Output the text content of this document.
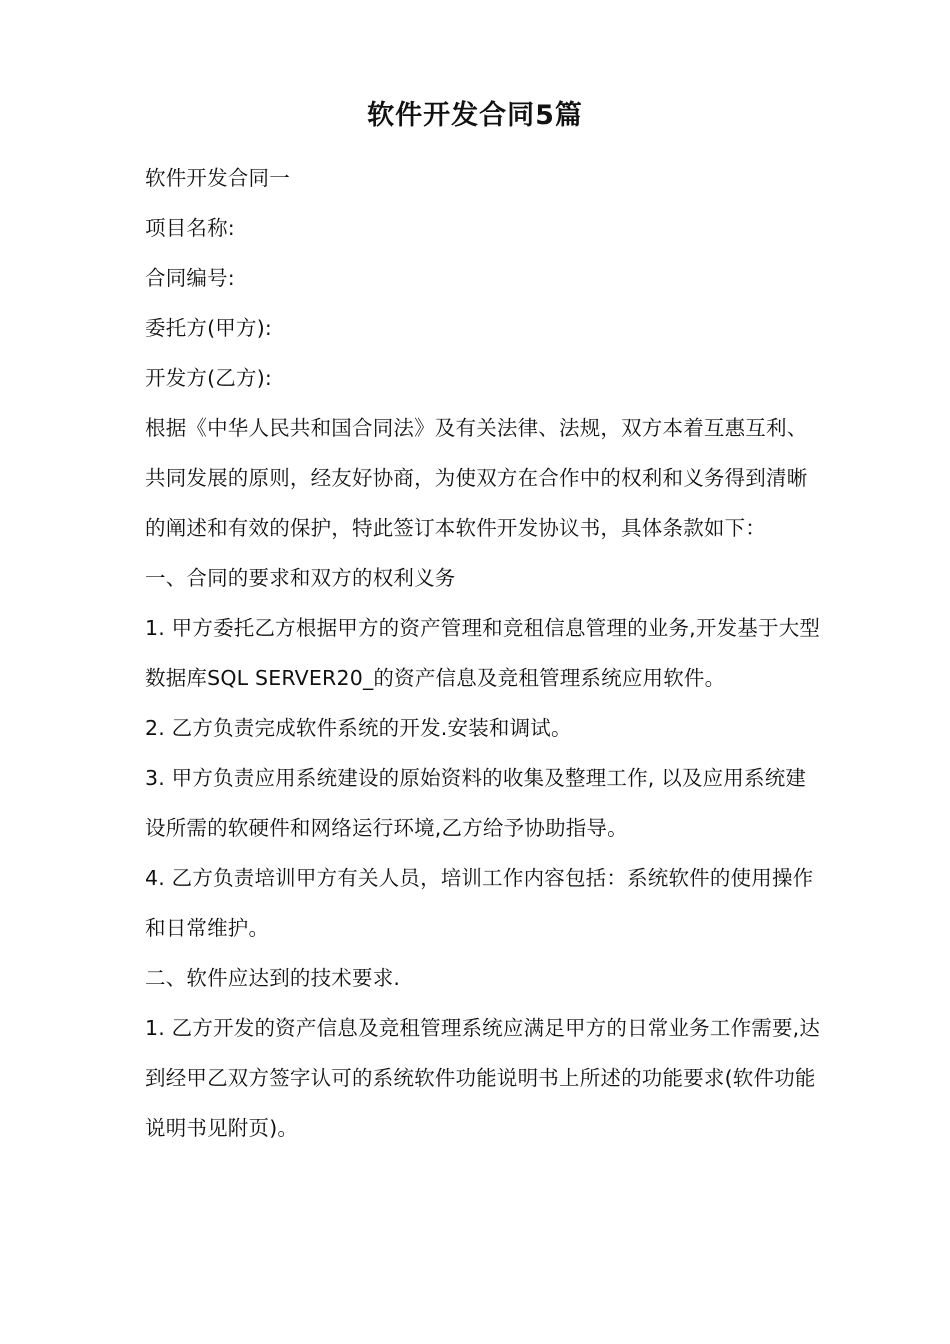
软件开发合同5篇

软件开发合同一

项目名称:

合同编号:

委托方(甲方):

开发方(乙方):

根据《中华人民共和国合同法》及有关法律、法规，双方本着互惠互利、共同发展的原则，经友好协商，为使双方在合作中的权利和义务得到清晰的阐述和有效的保护，特此签订本软件开发协议书，具体条款如下：

一、合同的要求和双方的权利义务

1. 甲方委托乙方根据甲方的资产管理和竞租信息管理的业务,开发基于大型数据库SQL SERVER20_的资产信息及竞租管理系统应用软件。

2. 乙方负责完成软件系统的开发.安装和调试。

3. 甲方负责应用系统建设的原始资料的收集及整理工作, 以及应用系统建设所需的软硬件和网络运行环境,乙方给予协助指导。

4. 乙方负责培训甲方有关人员，培训工作内容包括：系统软件的使用操作和日常维护。

二、软件应达到的技术要求.

1. 乙方开发的资产信息及竞租管理系统应满足甲方的日常业务工作需要,达到经甲乙双方签字认可的系统软件功能说明书上所述的功能要求(软件功能说明书见附页)。
